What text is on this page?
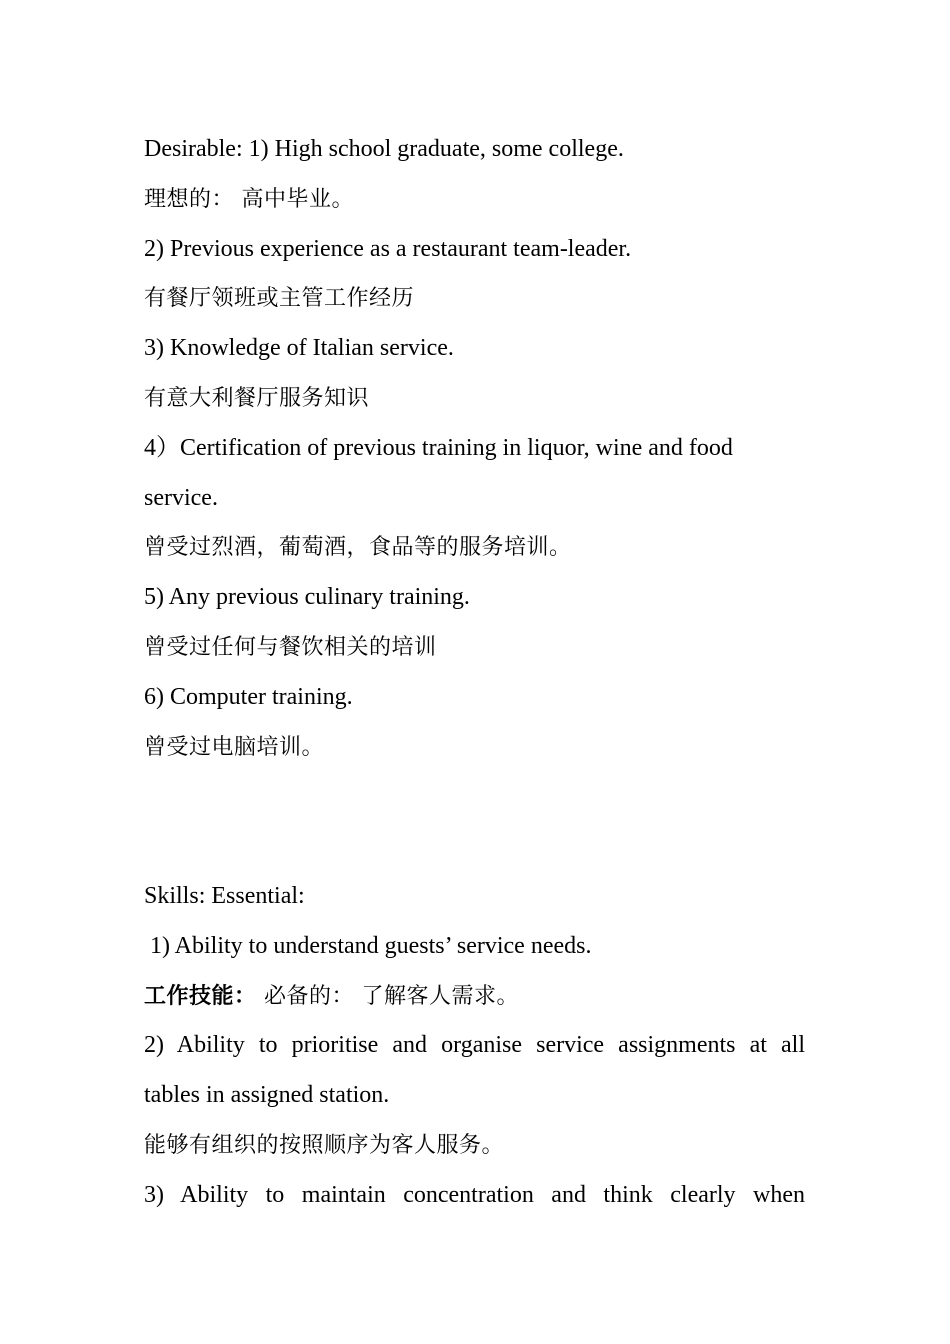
Desirable: 1) High school graduate, some college.
理想的： 高中毕业。
2) Previous experience as a restaurant team-leader.
有餐厅领班或主管工作经历
3) Knowledge of Italian service.
有意大利餐厅服务知识
4）Certification of previous training in liquor, wine and food
service.
曾受过烈酒，葡萄酒，食品等的服务培训。
5) Any previous culinary training.
曾受过任何与餐饮相关的培训
6) Computer training.
曾受过电脑培训。
Skills: Essential:
1) Ability to understand guests’ service needs.
工作技能： 必备的： 了解客人需求。
2) Ability to prioritise and organise service assignments at all
tables in assigned station.
能够有组织的按照顺序为客人服务。
3) Ability to maintain concentration and think clearly when
